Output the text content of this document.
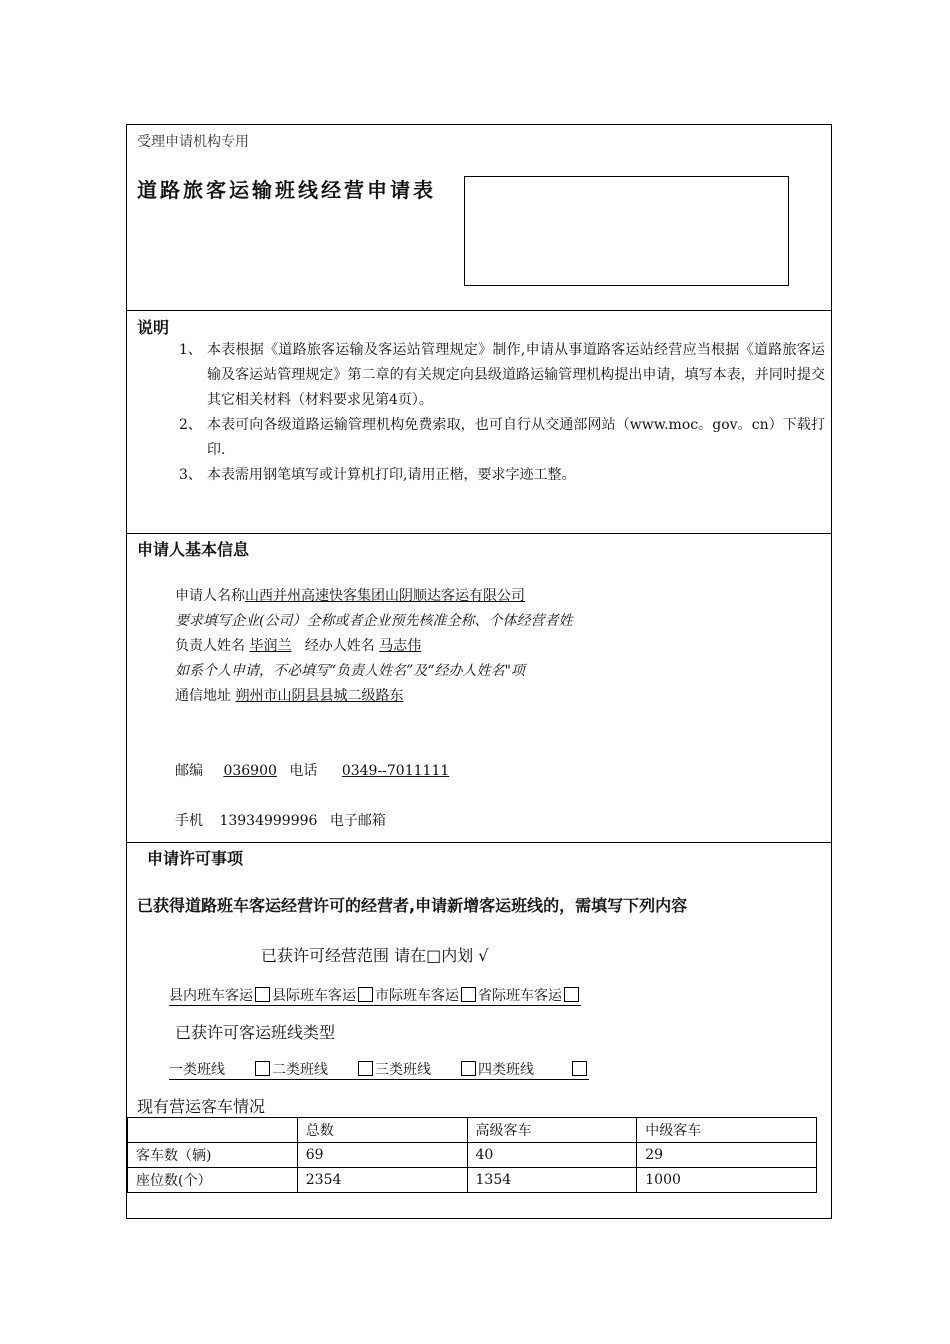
受理申请机构专用
道路旅客运输班线经营申请表
说明
1、 本表根据《道路旅客运输及客运站管理规定》制作,申请从事道路客运站经营应当根据《道路旅客运输及客运站管理规定》第二章的有关规定向县级道路运输管理机构提出申请，填写本表，并同时提交其它相关材料（材料要求见第4页）。
2、 本表可向各级道路运输管理机构免费索取，也可自行从交通部网站（www.moc。gov。cn）下载打印.
3、 本表需用钢笔填写或计算机打印,请用正楷，要求字迹工整。
申请人基本信息
申请人名称山西并州高速快客集团山阴顺达客运有限公司
要求填写企业(公司）全称或者企业预先核准全称、个体经营者姓
负责人姓名 毕润兰 经办人姓名 马志伟
如系个人申请，不必填写“负责人姓名”及“经办人姓名"项
通信地址 朔州市山阴县县城二级路东
邮编 036900 电话 0349--7011111
手机 13934999996 电子邮箱
申请许可事项
已获得道路班车客运经营许可的经营者,申请新增客运班线的，需填写下列内容
已获许可经营范围 请在□内划 √
县内班车客运 县际班车客运 市际班车客运 省际班车客运
已获许可客运班线类型
一类班线	二类班线	三类班线	四类班线
现有营运客车情况
	总数	高级客车	中级客车
客车数（辆)	69	40	29
座位数(个）	2354	1354	1000
